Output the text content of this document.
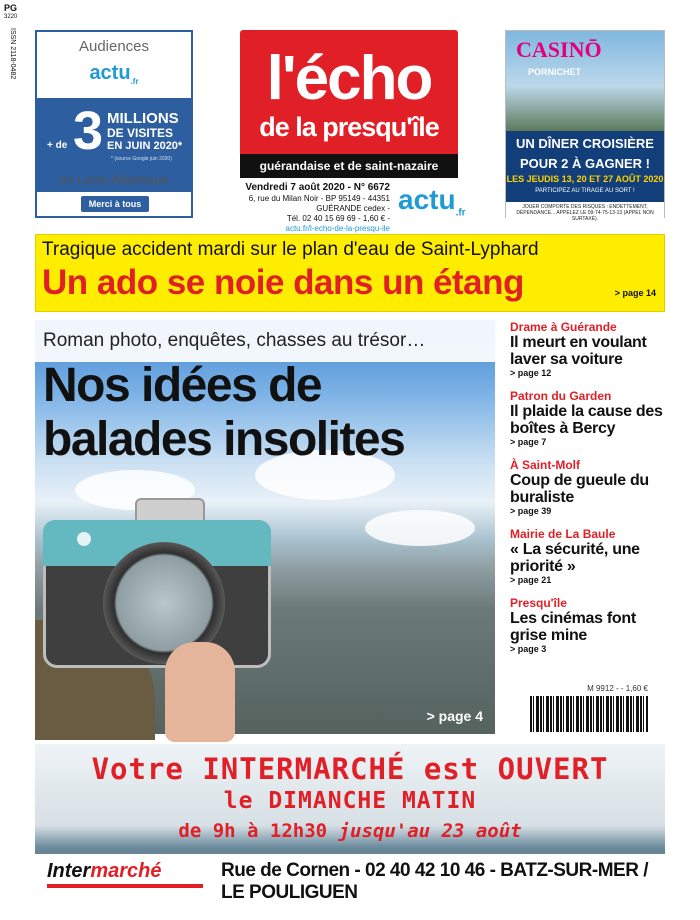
PG
3220
ISSN 2118-0482	Audiences
actu$_{.fr}$
+ de 3 MILLIONS
DE VISITES
EN JUIN 2020*
* (source Google juin 2020)
en Loire-Atlantique
Merci à tous
l'écho
de la presqu'île
guérandaise et de saint-nazaire
Vendredi 7 août 2020 - N° 6672
6, rue du Milan Noir - BP 95149 - 44351 GUÉRANDE cedex -
Tél. 02 40 15 69 69 - 1,60 € -
actu.fr/l-echo-de-la-presqu-ile
actu$_{.fr}$
CASINŌ
PORNICHET
UN DÎNER CROISIÈRE
POUR 2 À GAGNER !
LES JEUDIS 13, 20 ET 27 AOÛT 2020
PARTICIPEZ AU TIRAGE AU SORT !
JOUER COMPORTE DES RISQUES : ENDETTEMENT, DÉPENDANCE... APPELEZ LE 09-74-75-13-13 (APPEL NON SURTAXÉ).
Tragique accident mardi sur le plan d'eau de Saint-Lyphard
Un ado se noie dans un étang	> page 14
Roman photo, enquêtes, chasses au trésor…
Nos idées de
balades insolites
> page 4
Drame à Guérande
Il meurt en voulant laver sa voiture
> page 12
Patron du Garden
Il plaide la cause des boîtes à Bercy
> page 7
À Saint-Molf
Coup de gueule du buraliste
> page 39
Mairie de La Baule
« La sécurité, une priorité »
> page 21
Presqu'île
Les cinémas font grise mine
> page 3
M 9912 - - 1,60 €
Votre INTERMARCHÉ est OUVERT
le DIMANCHE MATIN
de 9h à 12h30 jusqu'au 23 août
Intermarché	Rue de Cornen - 02 40 42 10 46 - BATZ-SUR-MER / LE POULIGUEN
